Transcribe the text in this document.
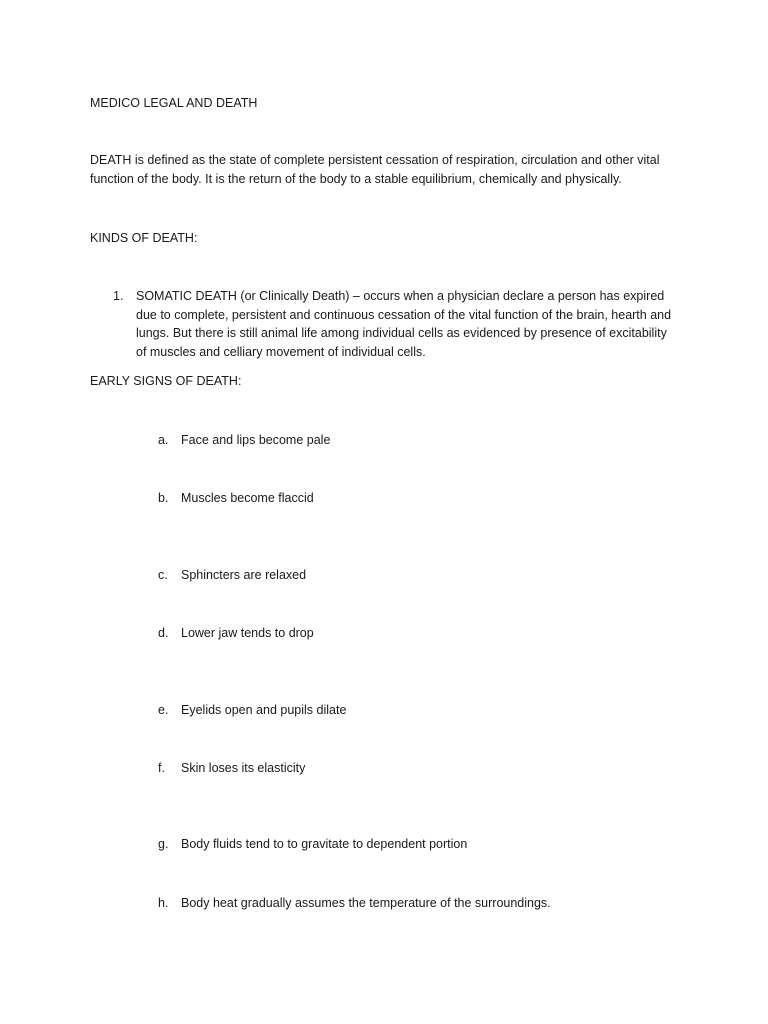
MEDICO LEGAL AND DEATH

DEATH is defined as the state of complete persistent cessation of respiration, circulation and other vital function of the body. It is the return of the body to a stable equilibrium, chemically and physically.

KINDS OF DEATH:

1. SOMATIC DEATH (or Clinically Death) – occurs when a physician declare a person has expired due to complete, persistent and continuous cessation of the vital function of the brain, hearth and lungs. But there is still animal life among individual cells as evidenced by presence of excitability of muscles and celliary movement of individual cells.

EARLY SIGNS OF DEATH:

a. Face and lips become pale
b. Muscles become flaccid
c. Sphincters are relaxed
d. Lower jaw tends to drop
e. Eyelids open and pupils dilate
f. Skin loses its elasticity
g. Body fluids tend to to gravitate to dependent portion
h. Body heat gradually assumes the temperature of the surroundings.
